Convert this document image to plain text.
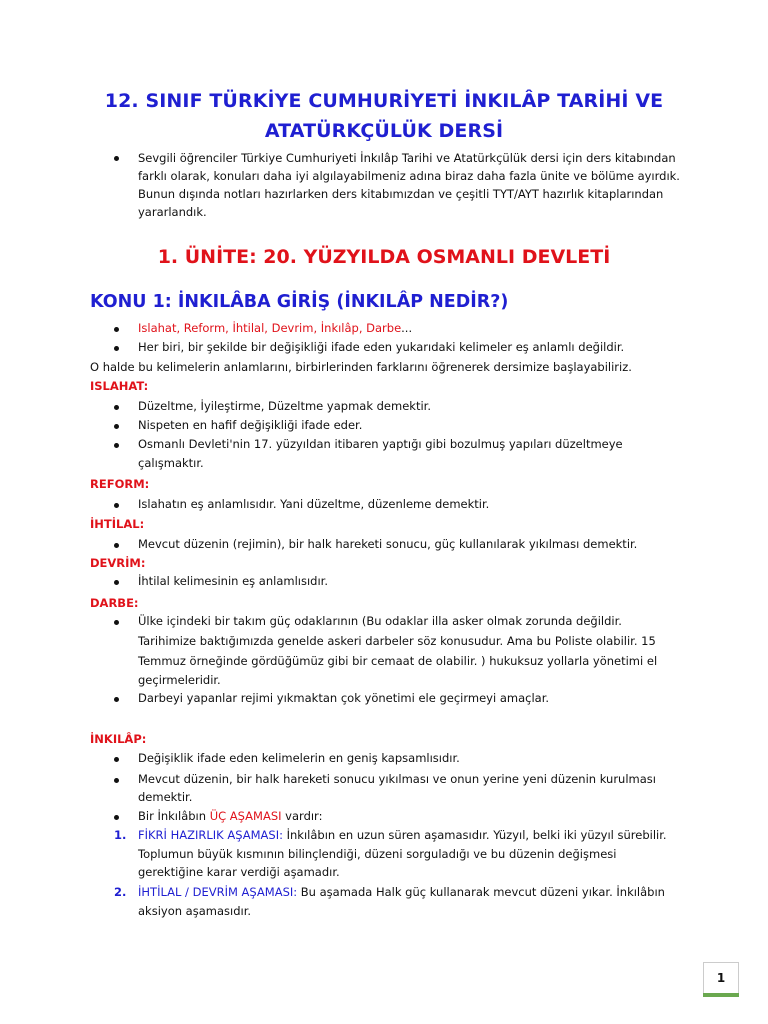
12. SINIF TÜRKİYE CUMHURİYETİ İNKILÂP TARİHİ VE
ATATÜRKÇÜLÜK DERSİ
Sevgili öğrenciler Türkiye Cumhuriyeti İnkılâp Tarihi ve Atatürkçülük dersi için ders kitabından
farklı olarak, konuları daha iyi algılayabilmeniz adına biraz daha fazla ünite ve bölüme ayırdık.
Bunun dışında notları hazırlarken ders kitabımızdan ve çeşitli TYT/AYT hazırlık kitaplarından
yararlandık.
1. ÜNİTE: 20. YÜZYILDA OSMANLI DEVLETİ
KONU 1: İNKILÂBA GİRİŞ (İNKILÂP NEDİR?)
Islahat, Reform, İhtilal, Devrim, İnkılâp, Darbe...
Her biri, bir şekilde bir değişikliği ifade eden yukarıdaki kelimeler eş anlamlı değildir.
O halde bu kelimelerin anlamlarını, birbirlerinden farklarını öğrenerek dersimize başlayabiliriz.
ISLAHAT:
Düzeltme, İyileştirme, Düzeltme yapmak demektir.
Nispeten en hafif değişikliği ifade eder.
Osmanlı Devleti'nin 17. yüzyıldan itibaren yaptığı gibi bozulmuş yapıları düzeltmeye
çalışmaktır.
REFORM:
Islahatın eş anlamlısıdır. Yani düzeltme, düzenleme demektir.
İHTİLAL:
Mevcut düzenin (rejimin), bir halk hareketi sonucu, güç kullanılarak yıkılması demektir.
DEVRİM:
İhtilal kelimesinin eş anlamlısıdır.
DARBE:
Ülke içindeki bir takım güç odaklarının (Bu odaklar illa asker olmak zorunda değildir.
Tarihimize baktığımızda genelde askeri darbeler söz konusudur. Ama bu Poliste olabilir. 15
Temmuz örneğinde gördüğümüz gibi bir cemaat de olabilir. ) hukuksuz yollarla yönetimi el
geçirmeleridir.
Darbeyi yapanlar rejimi yıkmaktan çok yönetimi ele geçirmeyi amaçlar.
İNKILÂP:
Değişiklik ifade eden kelimelerin en geniş kapsamlısıdır.
Mevcut düzenin, bir halk hareketi sonucu yıkılması ve onun yerine yeni düzenin kurulması
demektir.
Bir İnkılâbın ÜÇ AŞAMASI vardır:
1. FİKRİ HAZIRLIK AŞAMASI: İnkılâbın en uzun süren aşamasıdır. Yüzyıl, belki iki yüzyıl sürebilir.
Toplumun büyük kısmının bilinçlendiği, düzeni sorguladığı ve bu düzenin değişmesi
gerektiğine karar verdiği aşamadır.
2. İHTİLAL / DEVRİM AŞAMASI: Bu aşamada Halk güç kullanarak mevcut düzeni yıkar. İnkılâbın
aksiyon aşamasıdır.
1
